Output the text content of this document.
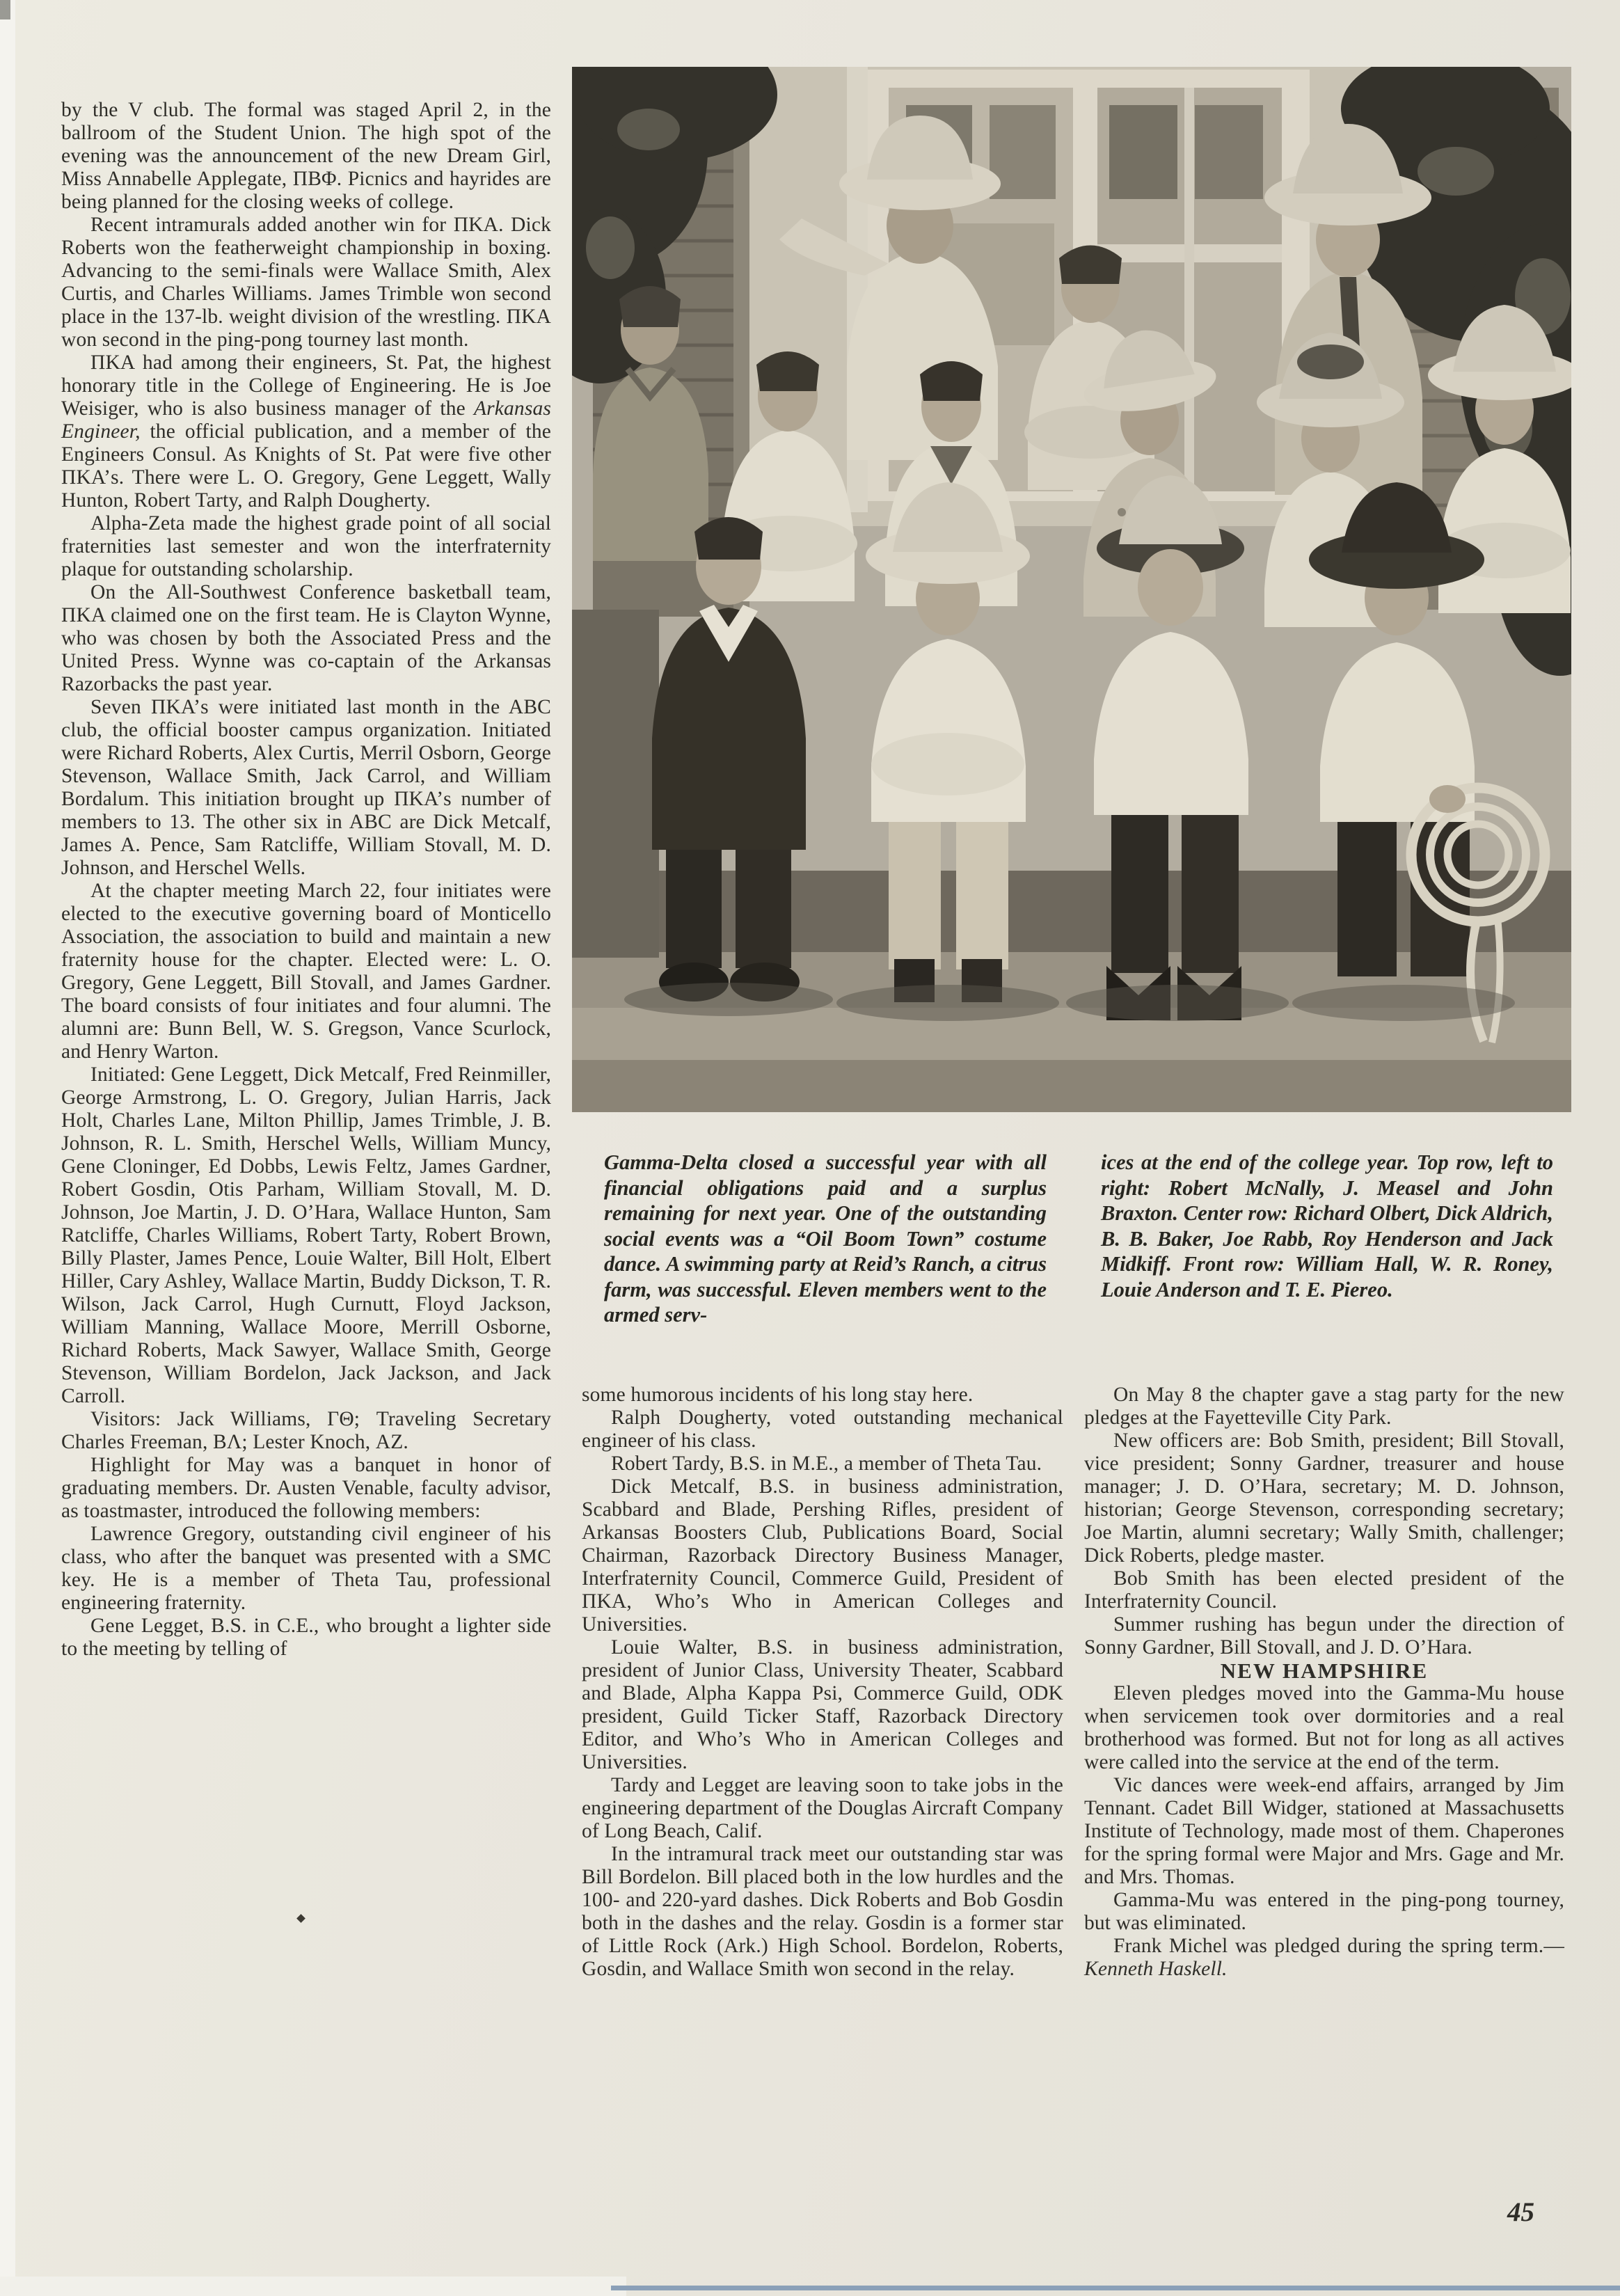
by the V club. The formal was staged April 2, in the ballroom of the Student Union. The high spot of the evening was the announcement of the new Dream Girl, Miss Annabelle Applegate, ΠΒΦ. Picnics and hayrides are being planned for the closing weeks of college.

Recent intramurals added another win for ΠΚΑ. Dick Roberts won the featherweight championship in boxing. Advancing to the semi-finals were Wallace Smith, Alex Curtis, and Charles Williams. James Trimble won second place in the 137-lb. weight division of the wrestling. ΠΚΑ won second in the ping-pong tourney last month.

ΠΚΑ had among their engineers, St. Pat, the highest honorary title in the College of Engineering. He is Joe Weisiger, who is also business manager of the Arkansas Engineer, the official publication, and a member of the Engineers Consul. As Knights of St. Pat were five other ΠΚΑ’s. There were L. O. Gregory, Gene Leggett, Wally Hunton, Robert Tarty, and Ralph Dougherty.

Alpha-Zeta made the highest grade point of all social fraternities last semester and won the interfraternity plaque for outstanding scholarship.

On the All-Southwest Conference basketball team, ΠΚΑ claimed one on the first team. He is Clayton Wynne, who was chosen by both the Associated Press and the United Press. Wynne was co-captain of the Arkansas Razorbacks the past year.

Seven ΠΚΑ’s were initiated last month in the ABC club, the official booster campus organization. Initiated were Richard Roberts, Alex Curtis, Merril Osborn, George Stevenson, Wallace Smith, Jack Carrol, and William Bordalum. This initiation brought up ΠΚΑ’s number of members to 13. The other six in ABC are Dick Metcalf, James A. Pence, Sam Ratcliffe, William Stovall, M. D. Johnson, and Herschel Wells.

At the chapter meeting March 22, four initiates were elected to the executive governing board of Monticello Association, the association to build and maintain a new fraternity house for the chapter. Elected were: L. O. Gregory, Gene Leggett, Bill Stovall, and James Gardner. The board consists of four initiates and four alumni. The alumni are: Bunn Bell, W. S. Gregson, Vance Scurlock, and Henry Warton.

Initiated: Gene Leggett, Dick Metcalf, Fred Reinmiller, George Armstrong, L. O. Gregory, Julian Harris, Jack Holt, Charles Lane, Milton Phillip, James Trimble, J. B. Johnson, R. L. Smith, Herschel Wells, William Muncy, Gene Cloninger, Ed Dobbs, Lewis Feltz, James Gardner, Robert Gosdin, Otis Parham, William Stovall, M. D. Johnson, Joe Martin, J. D. O’Hara, Wallace Hunton, Sam Ratcliffe, Charles Williams, Robert Tarty, Robert Brown, Billy Plaster, James Pence, Louie Walter, Bill Holt, Elbert Hiller, Cary Ashley, Wallace Martin, Buddy Dickson, T. R. Wilson, Jack Carrol, Hugh Curnutt, Floyd Jackson, William Manning, Wallace Moore, Merrill Osborne, Richard Roberts, Mack Sawyer, Wallace Smith, George Stevenson, William Bordelon, Jack Jackson, and Jack Carroll.

Visitors: Jack Williams, ΓΘ; Traveling Secretary Charles Freeman, ΒΛ; Lester Knoch, ΑΖ.

Highlight for May was a banquet in honor of graduating members. Dr. Austen Venable, faculty advisor, as toastmaster, introduced the following members:

Lawrence Gregory, outstanding civil engineer of his class, who after the banquet was presented with a SMC key. He is a member of Theta Tau, professional engineering fraternity.

Gene Legget, B.S. in C.E., who brought a lighter side to the meeting by telling of

Gamma-Delta closed a successful year with all financial obligations paid and a surplus remaining for next year. One of the outstanding social events was a “Oil Boom Town” costume dance. A swimming party at Reid’s Ranch, a citrus farm, was successful. Eleven members went to the armed serv-

ices at the end of the college year. Top row, left to right: Robert McNally, J. Measel and John Braxton. Center row: Richard Olbert, Dick Aldrich, B. B. Baker, Joe Rabb, Roy Henderson and Jack Midkiff. Front row: William Hall, W. R. Roney, Louie Anderson and T. E. Piereo.

some humorous incidents of his long stay here.

Ralph Dougherty, voted outstanding mechanical engineer of his class.

Robert Tardy, B.S. in M.E., a member of Theta Tau.

Dick Metcalf, B.S. in business administration, Scabbard and Blade, Pershing Rifles, president of Arkansas Boosters Club, Publications Board, Social Chairman, Razorback Directory Business Manager, Interfraternity Council, Commerce Guild, President of ΠΚΑ, Who’s Who in American Colleges and Universities.

Louie Walter, B.S. in business administration, president of Junior Class, University Theater, Scabbard and Blade, Alpha Kappa Psi, Commerce Guild, ODK president, Guild Ticker Staff, Razorback Directory Editor, and Who’s Who in American Colleges and Universities.

Tardy and Legget are leaving soon to take jobs in the engineering department of the Douglas Aircraft Company of Long Beach, Calif.

In the intramural track meet our outstanding star was Bill Bordelon. Bill placed both in the low hurdles and the 100- and 220-yard dashes. Dick Roberts and Bob Gosdin both in the dashes and the relay. Gosdin is a former star of Little Rock (Ark.) High School. Bordelon, Roberts, Gosdin, and Wallace Smith won second in the relay.

On May 8 the chapter gave a stag party for the new pledges at the Fayetteville City Park.

New officers are: Bob Smith, president; Bill Stovall, vice president; Sonny Gardner, treasurer and house manager; J. D. O’Hara, secretary; M. D. Johnson, historian; George Stevenson, corresponding secretary; Joe Martin, alumni secretary; Wally Smith, challenger; Dick Roberts, pledge master.

Bob Smith has been elected president of the Interfraternity Council.

Summer rushing has begun under the direction of Sonny Gardner, Bill Stovall, and J. D. O’Hara.

NEW HAMPSHIRE

Eleven pledges moved into the Gamma-Mu house when servicemen took over dormitories and a real brotherhood was formed. But not for long as all actives were called into the service at the end of the term.

Vic dances were week-end affairs, arranged by Jim Tennant. Cadet Bill Widger, stationed at Massachusetts Institute of Technology, made most of them. Chaperones for the spring formal were Major and Mrs. Gage and Mr. and Mrs. Thomas.

Gamma-Mu was entered in the ping-pong tourney, but was eliminated.

Frank Michel was pledged during the spring term.—Kenneth Haskell.

45
